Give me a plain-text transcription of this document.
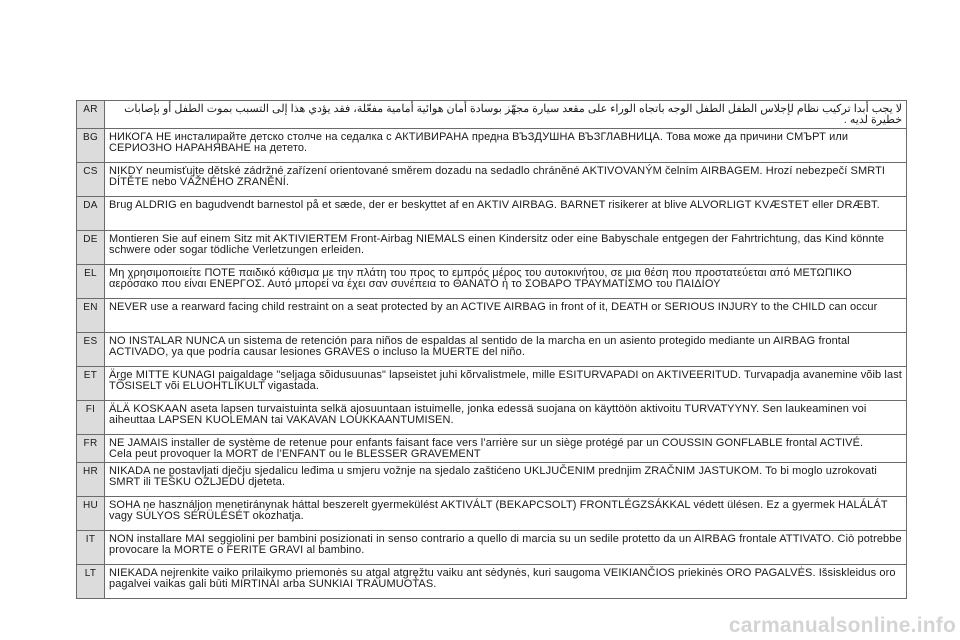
AR	لا يجب أبدا تركيب نظام لإجلاس الطفل الطفل الوجه باتجاه الوراء على مقعد سيارة مجهّز بوسادة أمان هوائية أمامية مفعّلة، فقد يؤدي هذا إلى التسبب بموت الطفل أو بإصابات خطيرة لديه .
BG	НИКОГА НЕ инсталирайте детско столче на седалка с АКТИВИРАНА предна ВЪЗДУШНА ВЪЗГЛАВНИЦА. Това може да причини СМЪРТ или СЕРИОЗНО НАРАНЯВАНЕ на детето.
CS	NIKDY neumisťujte dětské zádržné zařízení orientované směrem dozadu na sedadlo chráněné AKTIVOVANÝM čelním AIRBAGEM. Hrozí nebezpečí SMRTI DÍTĚTE nebo VÁŽNÉHO ZRANĚNÍ.
DA	Brug ALDRIG en bagudvendt barnestol på et sæde, der er beskyttet af en AKTIV AIRBAG. BARNET risikerer at blive ALVORLIGT KVÆSTET eller DRÆBT.
DE	Montieren Sie auf einem Sitz mit AKTIVIERTEM Front-Airbag NIEMALS einen Kindersitz oder eine Babyschale entgegen der Fahrtrichtung, das Kind könnte schwere oder sogar tödliche Verletzungen erleiden.
EL	Μη χρησιμοποιείτε ΠΟΤΕ παιδικό κάθισμα με την πλάτη του προς το εμπρός μέρος του αυτοκινήτου, σε μια θέση που προστατεύεται από ΜΕΤΩΠΙΚΟ αερόσακο που είναι ΕΝΕΡΓΟΣ. Αυτό μπορεί να έχει σαν συνέπεια το ΘΑΝΑΤΟ ή το ΣΟΒΑΡΟ ΤΡΑΥΜΑΤΙΣΜΟ του ΠΑΙΔΙΟΥ
EN	NEVER use a rearward facing child restraint on a seat protected by an ACTIVE AIRBAG in front of it, DEATH or SERIOUS INJURY to the CHILD can occur
ES	NO INSTALAR NUNCA un sistema de retención para niños de espaldas al sentido de la marcha en un asiento protegido mediante un AIRBAG frontal ACTIVADO, ya que podría causar lesiones GRAVES o incluso la MUERTE del niño.
ET	Ärge MITTE KUNAGI paigaldage "seljaga sõidusuunas" lapseistet juhi kõrvalistmele, mille ESITURVAPADI on AKTIVEERITUD. Turvapadja avanemine võib last TÕSISELT või ELUOHTLIKULT vigastada.
FI	ÄLÄ KOSKAAN aseta lapsen turvaistuinta selkä ajosuuntaan istuimelle, jonka edessä suojana on käyttöön aktivoitu TURVATYYNY. Sen laukeaminen voi aiheuttaa LAPSEN KUOLEMAN tai VAKAVAN LOUKKAANTUMISEN.
FR	NE JAMAIS installer de système de retenue pour enfants faisant face vers l’arrière sur un siège protégé par un COUSSIN GONFLABLE frontal ACTIVÉ.
Cela peut provoquer la MORT de l’ENFANT ou le BLESSER GRAVEMENT

HR	NIKADA ne postavljati dječju sjedalicu leđima u smjeru vožnje na sjedalo zaštićeno UKLJUČENIM prednjim ZRAČNIM JASTUKOM. To bi moglo uzrokovati SMRT ili TEŠKU OZLJEDU djeteta.
HU	SOHA ne használjon menetiránynak háttal beszerelt gyermekülést AKTIVÁLT (BEKAPCSOLT) FRONTLÉGZSÁKKAL védett ülésen. Ez a gyermek HALÁLÁT vagy SÚLYOS SÉRÜLÉSÉT okozhatja.
IT	NON installare MAI seggiolini per bambini posizionati in senso contrario a quello di marcia su un sedile protetto da un AIRBAG frontale ATTIVATO. Ciò potrebbe provocare la MORTE o FERITE GRAVI al bambino.
LT	NIEKADA nejrenkite vaiko prilaikymo priemonės su atgal atgręžtu vaiku ant sėdynės, kuri saugoma VEIKIANČIOS priekinės ORO PAGALVĖS. Išsiskleidus oro pagalvei vaikas gali būti MIRTINAI arba SUNKIAI TRAUMUOTAS.
carmanualsonline.info
